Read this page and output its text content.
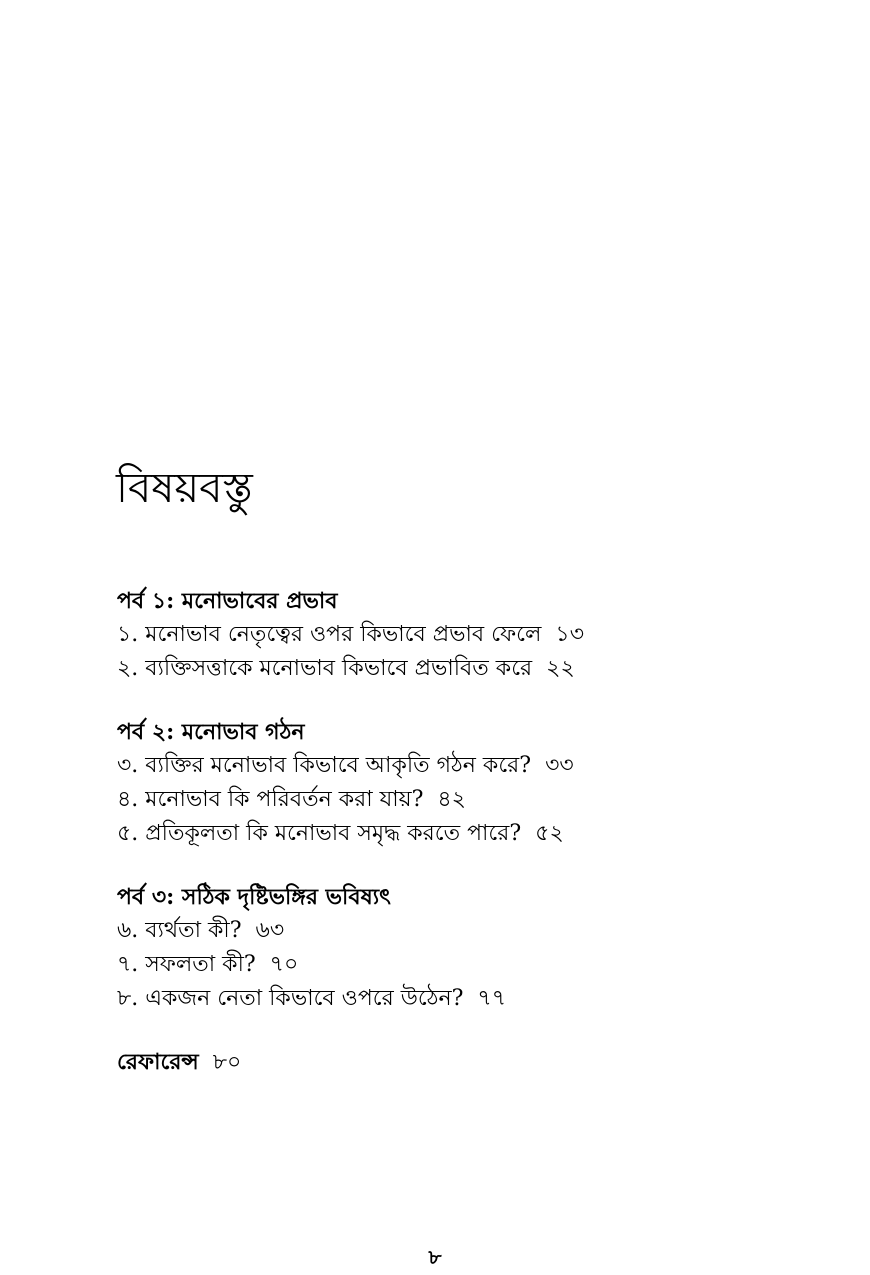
বিষয়বস্তু
পর্ব ১: মনোভাবের প্রভাব
১. মনোভাব নেতৃত্বের ওপর কিভাবে প্রভাব ফেলে ১৩
২. ব্যক্তিসত্তাকে মনোভাব কিভাবে প্রভাবিত করে ২২
পর্ব ২: মনোভাব গঠন
৩. ব্যক্তির মনোভাব কিভাবে আকৃতি গঠন করে? ৩৩
৪. মনোভাব কি পরিবর্তন করা যায়? ৪২
৫. প্রতিকূলতা কি মনোভাব সমৃদ্ধ করতে পারে? ৫২
পর্ব ৩: সঠিক দৃষ্টিভঙ্গির ভবিষ্যৎ
৬. ব্যর্থতা কী? ৬৩
৭. সফলতা কী? ৭০
৮. একজন নেতা কিভাবে ওপরে উঠেন? ৭৭
রেফারেন্স ৮০
৮
